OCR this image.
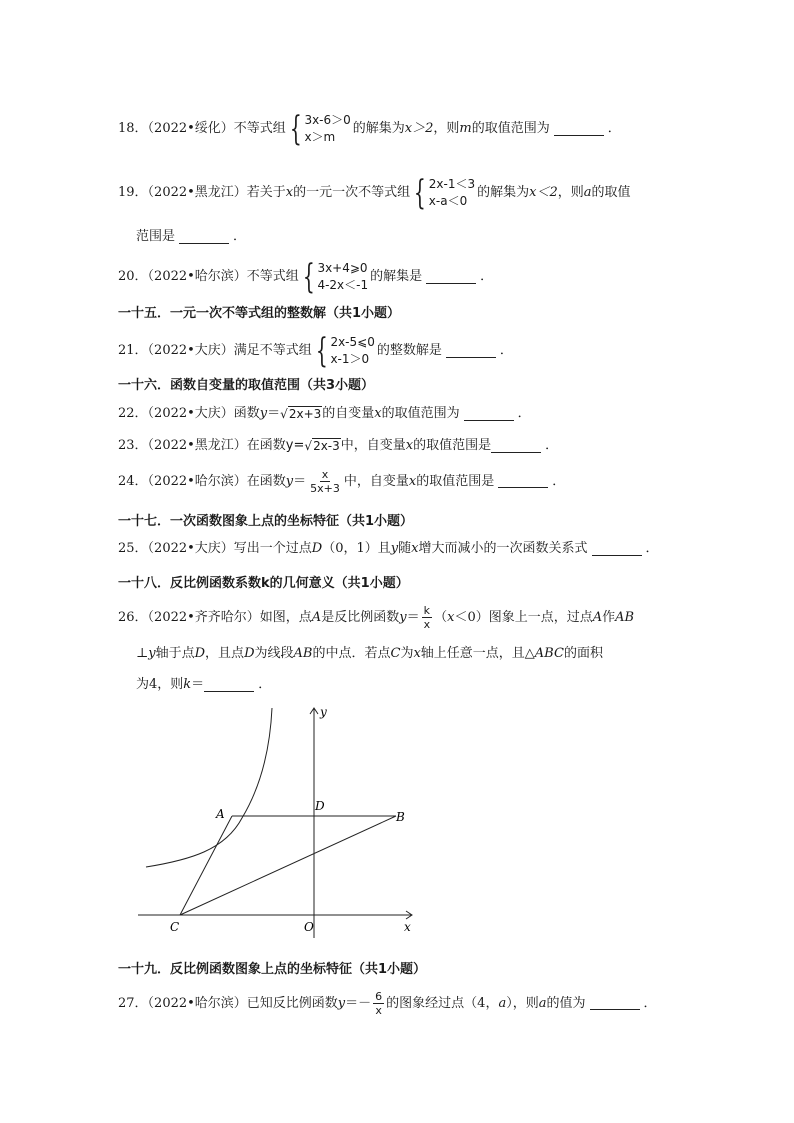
18．（2022•绥化）不等式组 { 3x-6＞0
x＞m
的解集为 x＞2 ，则 m 的取值范围为	．
19．（2022•黑龙江）若关于 x 的一元一次不等式组 { 2x-1＜3
x-a＜0
的解集为 x＜2 ，则 a 的取值
范围是	．
20．（2022•哈尔滨）不等式组 { 3x+4⩾0
4-2x＜-1
的解集是	．
一十五．一元一次不等式组的整数解（共1小题）
21．（2022•大庆）满足不等式组 { 2x-5⩽0
x-1＞0
的整数解是	．
一十六．函数自变量的取值范围（共3小题）
22．（2022•大庆）函数 y ＝ √2x+3 的自变量 x 的取值范围为	．
23．（2022•黑龙江）在函数 y = √2x-3 中，自变量 x 的取值范围是	．
24．（2022•哈尔滨）在函数 $y = \frac{x}{5x+3}$ 中，自变量 x 的取值范围是	．
一十七．一次函数图象上点的坐标特征（共1小题）
25．（2022•大庆）写出一个过点 D （0，1）且 y 随 x 增大而减小的一次函数关系式	．
一十八．反比例函数系数k的几何意义（共1小题）
26．（2022•齐齐哈尔）如图，点 A 是反比例函数 $y = \frac{k}{x}$ （ x ＜0）图象上一点，过点 A 作 AB
⊥ y 轴于点 D ，且点 D 为线段 AB 的中点．若点 C 为 x 轴上任意一点，且△ ABC 的面积
为4，则 k ＝	．
A	B
C
D
O	x
y
一十九．反比例函数图象上点的坐标特征（共1小题）
27．（2022•哈尔滨）已知反比例函数 $y =- \frac{6}{x}$ 的图象经过点（4， a ），则 a 的值为	．
